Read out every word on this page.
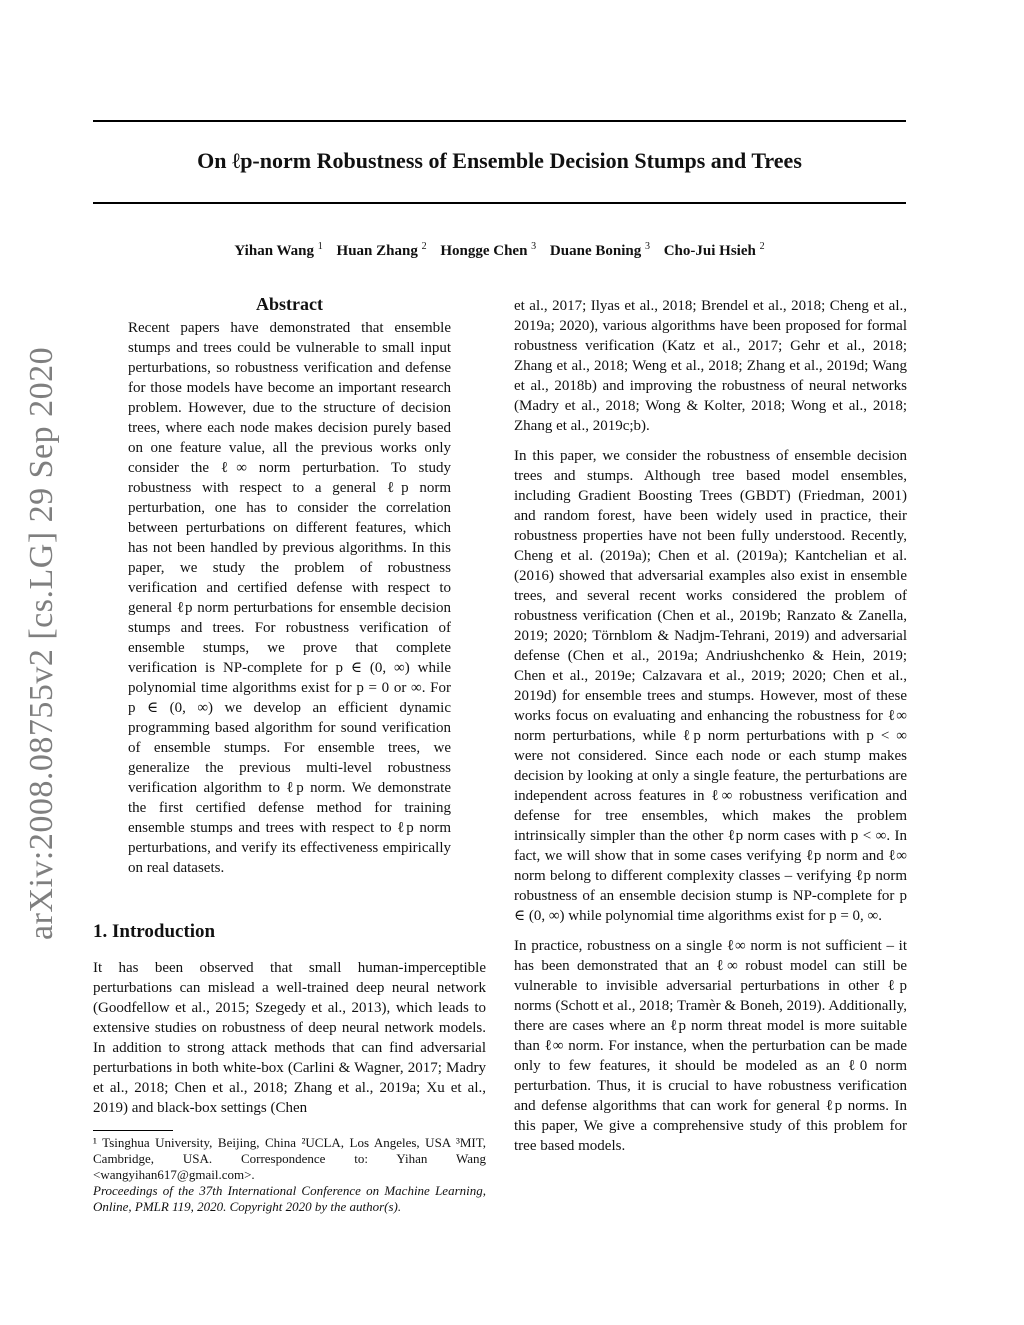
On ℓp-norm Robustness of Ensemble Decision Stumps and Trees
Yihan Wang $^1$ Huan Zhang $^2$ Hongge Chen $^3$ Duane Boning $^3$ Cho-Jui Hsieh $^2$
arXiv:2008.08755v2 [cs.LG] 29 Sep 2020
Abstract

Recent papers have demonstrated that ensemble stumps and trees could be vulnerable to small input perturbations, so robustness verification and defense for those models have become an important research problem. However, due to the structure of decision trees, where each node makes decision purely based on one feature value, all the previous works only consider the ℓ∞ norm perturbation. To study robustness with respect to a general ℓp norm perturbation, one has to consider the correlation between perturbations on different features, which has not been handled by previous algorithms. In this paper, we study the problem of robustness verification and certified defense with respect to general ℓp norm perturbations for ensemble decision stumps and trees. For robustness verification of ensemble stumps, we prove that complete verification is NP-complete for p ∈ (0, ∞) while polynomial time algorithms exist for p = 0 or ∞. For p ∈ (0, ∞) we develop an efficient dynamic programming based algorithm for sound verification of ensemble stumps. For ensemble trees, we generalize the previous multi-level robustness verification algorithm to ℓp norm. We demonstrate the first certified defense method for training ensemble stumps and trees with respect to ℓp norm perturbations, and verify its effectiveness empirically on real datasets.

1. Introduction

It has been observed that small human-imperceptible perturbations can mislead a well-trained deep neural network (Goodfellow et al., 2015; Szegedy et al., 2013), which leads to extensive studies on robustness of deep neural network models. In addition to strong attack methods that can find adversarial perturbations in both white-box (Carlini & Wagner, 2017; Madry et al., 2018; Chen et al., 2018; Zhang et al., 2019a; Xu et al., 2019) and black-box settings (Chen

¹ Tsinghua University, Beijing, China ²UCLA, Los Angeles, USA ³MIT, Cambridge, USA. Correspondence to: Yihan Wang <wangyihan617@gmail.com>.

Proceedings of the 37th International Conference on Machine Learning, Online, PMLR 119, 2020. Copyright 2020 by the author(s).

et al., 2017; Ilyas et al., 2018; Brendel et al., 2018; Cheng et al., 2019a; 2020), various algorithms have been proposed for formal robustness verification (Katz et al., 2017; Gehr et al., 2018; Zhang et al., 2018; Weng et al., 2018; Zhang et al., 2019d; Wang et al., 2018b) and improving the robustness of neural networks (Madry et al., 2018; Wong & Kolter, 2018; Wong et al., 2018; Zhang et al., 2019c;b).

In this paper, we consider the robustness of ensemble decision trees and stumps. Although tree based model ensembles, including Gradient Boosting Trees (GBDT) (Friedman, 2001) and random forest, have been widely used in practice, their robustness properties have not been fully understood. Recently, Cheng et al. (2019a); Chen et al. (2019a); Kantchelian et al. (2016) showed that adversarial examples also exist in ensemble trees, and several recent works considered the problem of robustness verification (Chen et al., 2019b; Ranzato & Zanella, 2019; 2020; Törnblom & Nadjm-Tehrani, 2019) and adversarial defense (Chen et al., 2019a; Andriushchenko & Hein, 2019; Chen et al., 2019e; Calzavara et al., 2019; 2020; Chen et al., 2019d) for ensemble trees and stumps. However, most of these works focus on evaluating and enhancing the robustness for ℓ∞ norm perturbations, while ℓp norm perturbations with p < ∞ were not considered. Since each node or each stump makes decision by looking at only a single feature, the perturbations are independent across features in ℓ∞ robustness verification and defense for tree ensembles, which makes the problem intrinsically simpler than the other ℓp norm cases with p < ∞. In fact, we will show that in some cases verifying ℓp norm and ℓ∞ norm belong to different complexity classes – verifying ℓp norm robustness of an ensemble decision stump is NP-complete for p ∈ (0, ∞) while polynomial time algorithms exist for p = 0, ∞.

In practice, robustness on a single ℓ∞ norm is not sufficient – it has been demonstrated that an ℓ∞ robust model can still be vulnerable to invisible adversarial perturbations in other ℓp norms (Schott et al., 2018; Tramèr & Boneh, 2019). Additionally, there are cases where an ℓp norm threat model is more suitable than ℓ∞ norm. For instance, when the perturbation can be made only to few features, it should be modeled as an ℓ0 norm perturbation. Thus, it is crucial to have robustness verification and defense algorithms that can work for general ℓp norms. In this paper, We give a comprehensive study of this problem for tree based models.
